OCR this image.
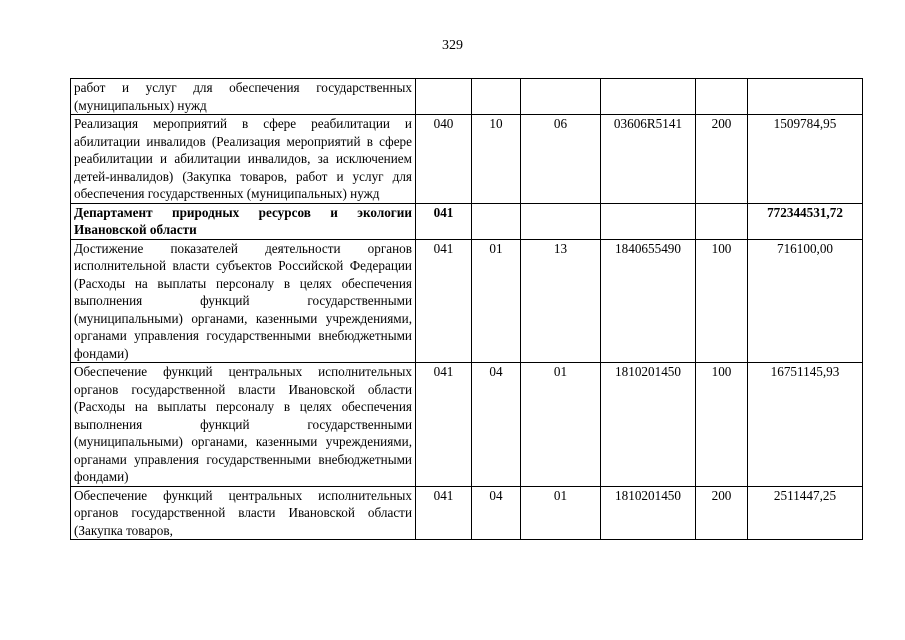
329
работ и услуг для обеспечения государственных (муниципальных) нужд						
Реализация мероприятий в сфере реабилитации и абилитации инвалидов (Реализация мероприятий в сфере реабилитации и абилитации инвалидов, за исключением детей-инвалидов) (Закупка товаров, работ и услуг для обеспечения государственных (муниципальных) нужд	040	10	06	03606R5141	200	1509784,95
Департамент природных ресурсов и экологии Ивановской области	041					772344531,72
Достижение показателей деятельности органов исполнительной власти субъектов Российской Федерации (Расходы на выплаты персоналу в целях обеспечения выполнения функций государственными (муниципальными) органами, казенными учреждениями, органами управления государственными внебюджетными фондами)	041	01	13	1840655490	100	716100,00
Обеспечение функций центральных исполнительных органов государственной власти Ивановской области (Расходы на выплаты персоналу в целях обеспечения выполнения функций государственными (муниципальными) органами, казенными учреждениями, органами управления государственными внебюджетными фондами)	041	04	01	1810201450	100	16751145,93
Обеспечение функций центральных исполнительных органов государственной власти Ивановской области (Закупка товаров,	041	04	01	1810201450	200	2511447,25
